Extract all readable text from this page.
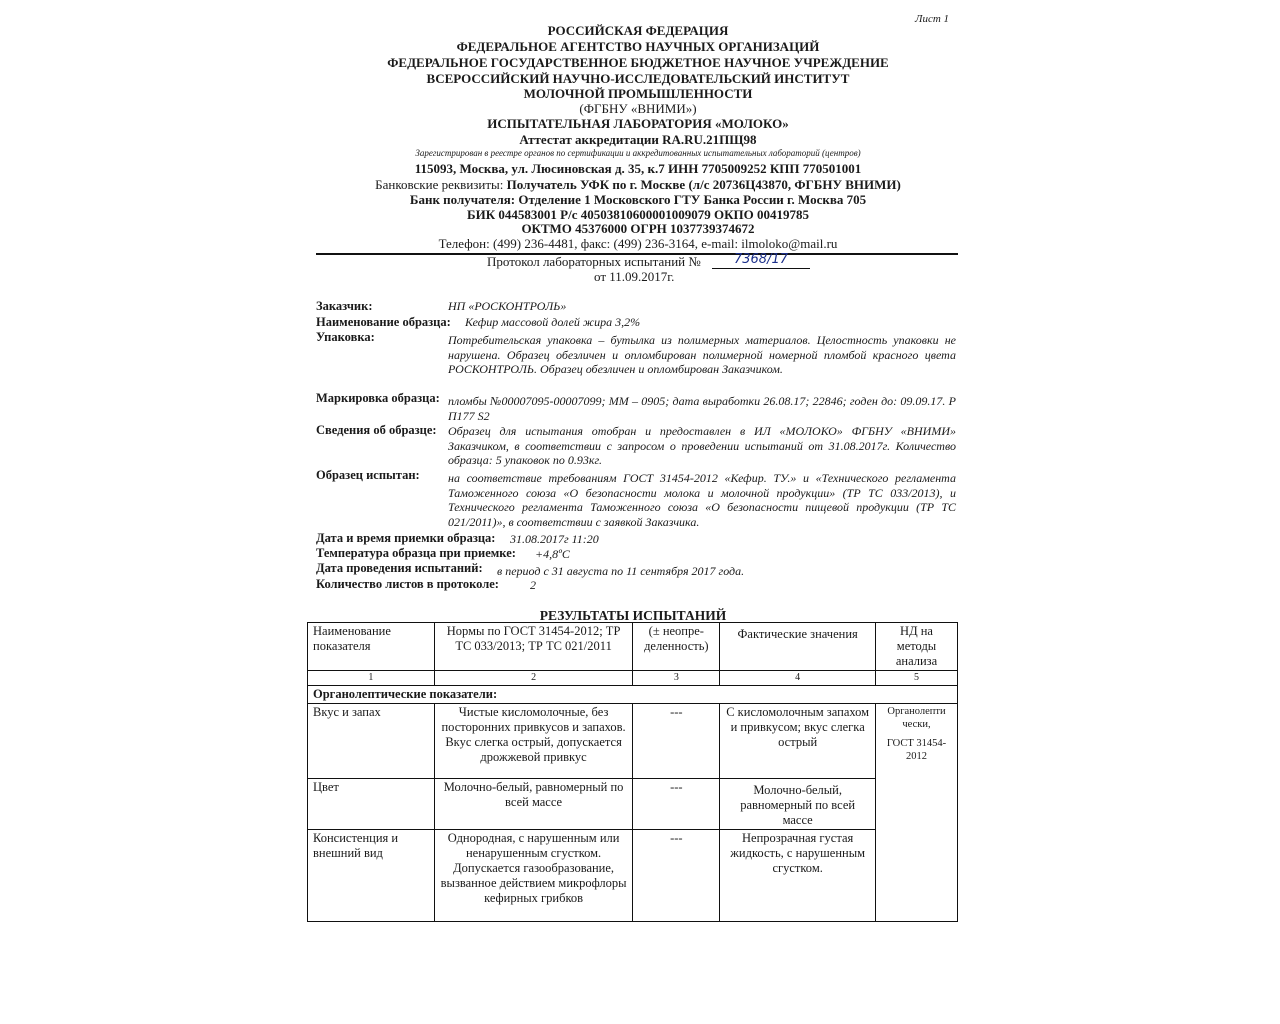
Лист 1
РОССИЙСКАЯ ФЕДЕРАЦИЯ
ФЕДЕРАЛЬНОЕ АГЕНТСТВО НАУЧНЫХ ОРГАНИЗАЦИЙ
ФЕДЕРАЛЬНОЕ ГОСУДАРСТВЕННОЕ БЮДЖЕТНОЕ НАУЧНОЕ УЧРЕЖДЕНИЕ
ВСЕРОССИЙСКИЙ НАУЧНО-ИССЛЕДОВАТЕЛЬСКИЙ ИНСТИТУТ
МОЛОЧНОЙ ПРОМЫШЛЕННОСТИ
(ФГБНУ «ВНИМИ»)
ИСПЫТАТЕЛЬНАЯ ЛАБОРАТОРИЯ «МОЛОКО»
Аттестат аккредитации RA.RU.21ПЩ98
Зарегистрирован в реестре органов по сертификации и аккредитованных испытательных лабораторий (центров)
115093, Москва, ул. Люсиновская д. 35, к.7 ИНН 7705009252 КПП 770501001
Банковские реквизиты: Получатель УФК по г. Москве (л/с 20736Ц43870, ФГБНУ ВНИМИ)
Банк получателя: Отделение 1 Московского ГТУ Банка России г. Москва 705
БИК 044583001 Р/с 40503810600001009079 ОКПО 00419785
ОКТМО 45376000 ОГРН 1037739374672
Телефон: (499) 236-4481, факс: (499) 236-3164, e-mail: ilmoloko@mail.ru
Протокол лабораторных испытаний №	7368/17
от 11.09.2017г.
Заказчик:	НП «РОСКОНТРОЛЬ»
Наименование образца: Кефир массовой долей жира 3,2%
Упаковка:	Потребительская упаковка – бутылка из полимерных материалов. Целостность упаковки не нарушена. Образец обезличен и опломбирован полимерной номерной пломбой красного цвета РОСКОНТРОЛЬ. Образец обезличен и опломбирован Заказчиком.
Маркировка образца: пломбы №00007095-00007099; ММ – 0905; дата выработки 26.08.17; 22846; годен до: 09.09.17. Р П177 S2
Сведения об образце: Образец для испытания отобран и предоставлен в ИЛ «МОЛОКО» ФГБНУ «ВНИМИ» Заказчиком, в соответствии с запросом о проведении испытаний от 31.08.2017г. Количество образца: 5 упаковок по 0.93кг.
Образец испытан: на соответствие требованиям ГОСТ 31454-2012 «Кефир. ТУ.» и «Технического регламента Таможенного союза «О безопасности молока и молочной продукции» (ТР ТС 033/2013), и Технического регламента Таможенного союза «О безопасности пищевой продукции (ТР ТС 021/2011)», в соответствии с заявкой Заказчика.
Дата и время приемки образца: 31.08.2017г 11:20
Температура образца при приемке: +4,8ºС
Дата проведения испытаний: в период с 31 августа по 11 сентября 2017 года.
Количество листов в протоколе:	2
РЕЗУЛЬТАТЫ ИСПЫТАНИЙ
Наименование показателя	Нормы по ГОСТ 31454-2012; ТР ТС 033/2013; ТР ТС 021/2011	(± неопре-деленность)	Фактические значения	НД на методы анализа
1	2	3	4	5
Органолептические показатели:				
Вкус и запах	Чистые кисломолочные, без посторонних привкусов и запахов. Вкус слегка острый, допускается дрожжевой привкус	---	С кисломолочным запахом и привкусом; вкус слегка острый	Органолепти чески,
ГОСТ 31454-2012

Цвет	Молочно-белый, равномерный по всей массе	---	Молочно-белый, равномерный по всей массе	
Консистенция и внешний вид	Однородная, с нарушенным или ненарушенным сгустком. Допускается газообразование, вызванное действием микрофлоры кефирных грибков	---	Непрозрачная густая жидкость, с нарушенным сгустком.	
